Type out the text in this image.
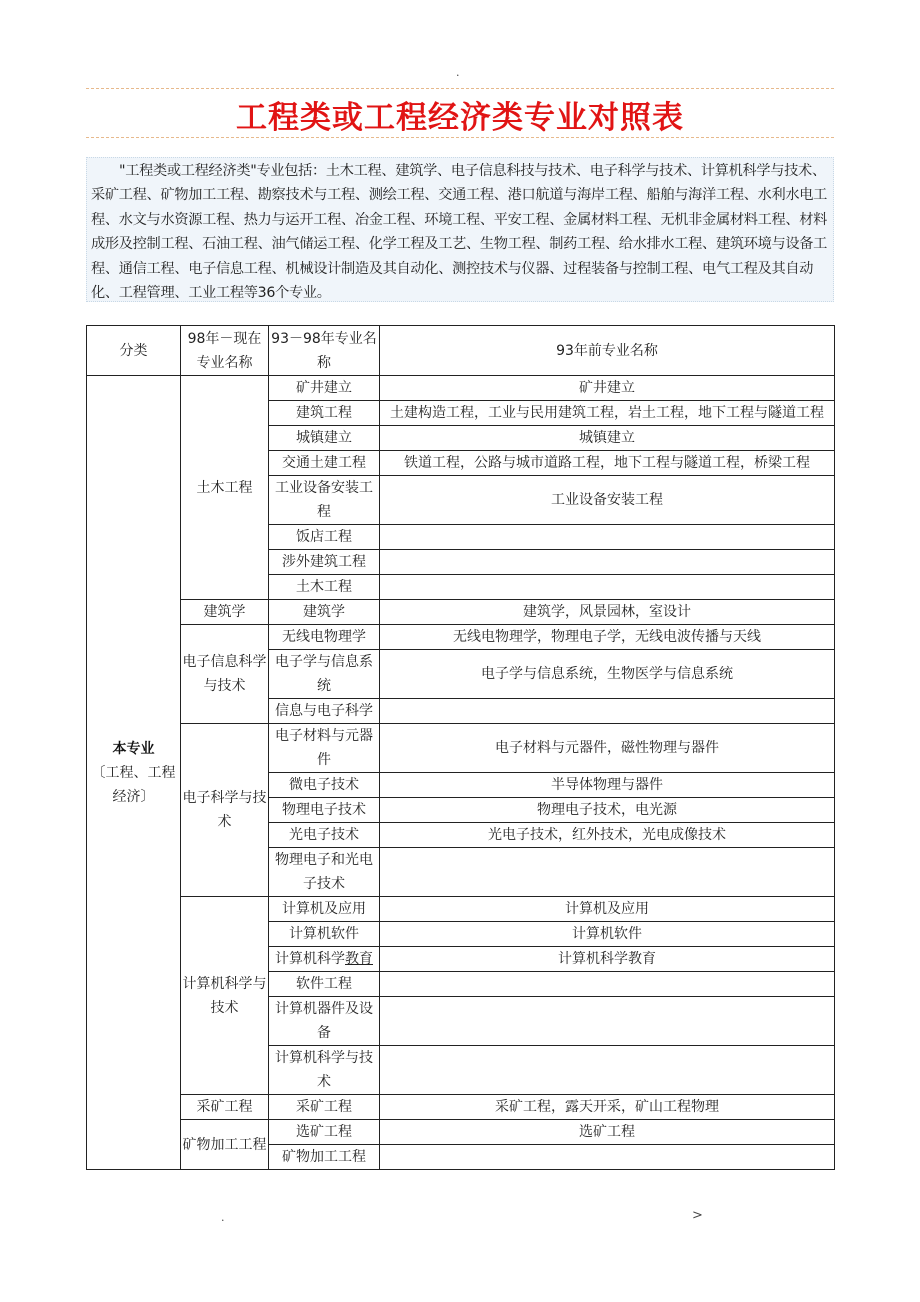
.
工程类或工程经济类专业对照表
"工程类或工程经济类"专业包括：土木工程、建筑学、电子信息科技与技术、电子科学与技术、计算机科学与技术、采矿工程、矿物加工工程、勘察技术与工程、测绘工程、交通工程、港口航道与海岸工程、船舶与海洋工程、水利水电工程、水文与水资源工程、热力与运开工程、冶金工程、环境工程、平安工程、金属材料工程、无机非金属材料工程、材料成形及控制工程、石油工程、油气储运工程、化学工程及工艺、生物工程、制药工程、给水排水工程、建筑环境与设备工程、通信工程、电子信息工程、机械设计制造及其自动化、测控技术与仪器、过程装备与控制工程、电气工程及其自动化、工程管理、工业工程等36个专业。
分类	98年－现在专业名称	93－98年专业名称	93年前专业名称

本专业
〔工程、工程经济〕	土木工程	矿井建立	矿井建立
		建筑工程	土建构造工程，工业与民用建筑工程，岩土工程，地下工程与隧道工程

		城镇建立	城镇建立
		交通土建工程	铁道工程，公路与城市道路工程，地下工程与隧道工程，桥梁工程
		工业设备安装工程	工业设备安装工程

		饭店工程	
		涉外建筑工程	
		土木工程	
	建筑学	建筑学	建筑学，风景园林，室设计
	电子信息科学与技术	无线电物理学	无线电物理学，物理电子学，无线电波传播与天线
		电子学与信息系统	电子学与信息系统，生物医学与信息系统

		信息与电子科学	
	电子科学与技术	电子材料与元器件	电子材料与元器件，磁性物理与器件

		微电子技术	半导体物理与器件
		物理电子技术	物理电子技术，电光源
		光电子技术	光电子技术，红外技术，光电成像技术
		物理电子和光电子技术	

	计算机科学与技术	计算机及应用	计算机及应用
		计算机软件	计算机软件
		计算机科学教育	计算机科学教育
		软件工程	
		计算机器件及设备	

		计算机科学与技术	

	采矿工程	采矿工程	采矿工程，露天开采，矿山工程物理
	矿物加工工程	选矿工程	选矿工程
		矿物加工工程	
.	>
